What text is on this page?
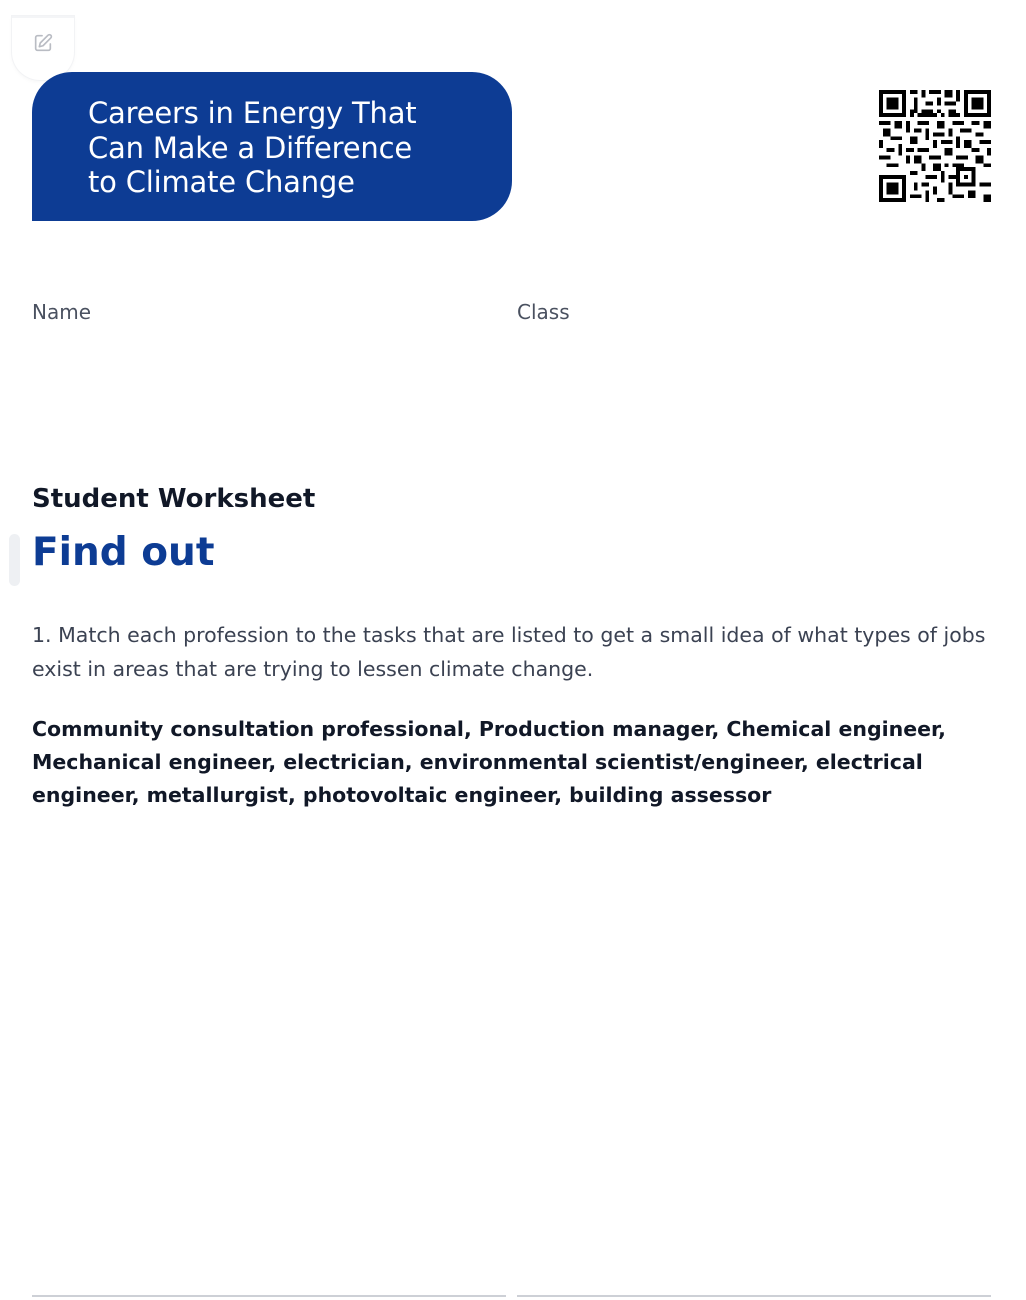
Careers in Energy That
Can Make a Difference
to Climate Change
Name	Class
Student Worksheet
Find out

1. Match each profession to the tasks that are listed to get a small idea of what types of jobs exist in areas that are trying to lessen climate change.

Community consultation professional, Production manager, Chemical engineer, Mechanical engineer, electrician, environmental scientist/engineer, electrical engineer, metallurgist, photovoltaic engineer, building assessor
